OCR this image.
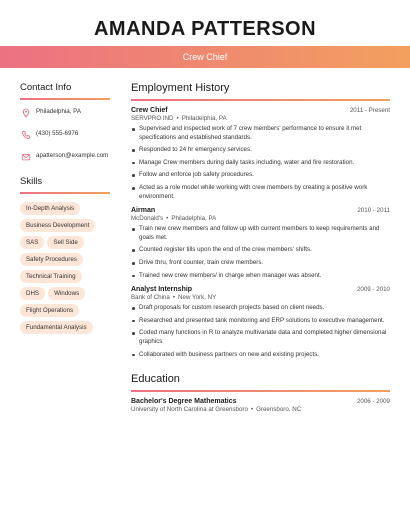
AMANDA PATTERSON
Crew Chief
Contact Info
Philadelphia, PA
(430) 555-6976
apatterson@example.com
Skills
In-Depth Analysis
Business Development
SAS	Sell Side
Safety Procedures
Technical Training
DHS	Windows
Flight Operations
Fundamental Analysis
Employment History
Crew Chief	2011 - Present
SERVPRO IND • Philadelphia, PA
Supervised and inspected work of 7 crew members' performance to ensure it met specifications and established standards.
Responded to 24 hr emergency services.
Manage Crew members during daily tasks including, water and fire restoration.
Follow and enforce job safety procedures.
Acted as a role model while working with crew members by creating a positive work environment.
Airman	2010 - 2011
McDonald's • Philadelphia, PA
Train new crew members and follow up with current members to keep requirements and goals met.
Counted register tills upon the end of the crew members' shifts.
Drive thru, front counter, train crew members.
Trained new crew members/ in charge when manager was absent.
Analyst Internship	2009 - 2010
Bank of China • New York, NY
Draft proposals for custom research projects based on client needs.
Researched and presented tank monitoring and ERP solutions to executive management.
Coded many functions in R to analyze multivariate data and completed higher dimensional graphics
Collaborated with business partners on new and existing projects.
Education
Bachelor's Degree Mathematics	2006 - 2009
University of North Carolina at Greensboro • Greensboro, NC
